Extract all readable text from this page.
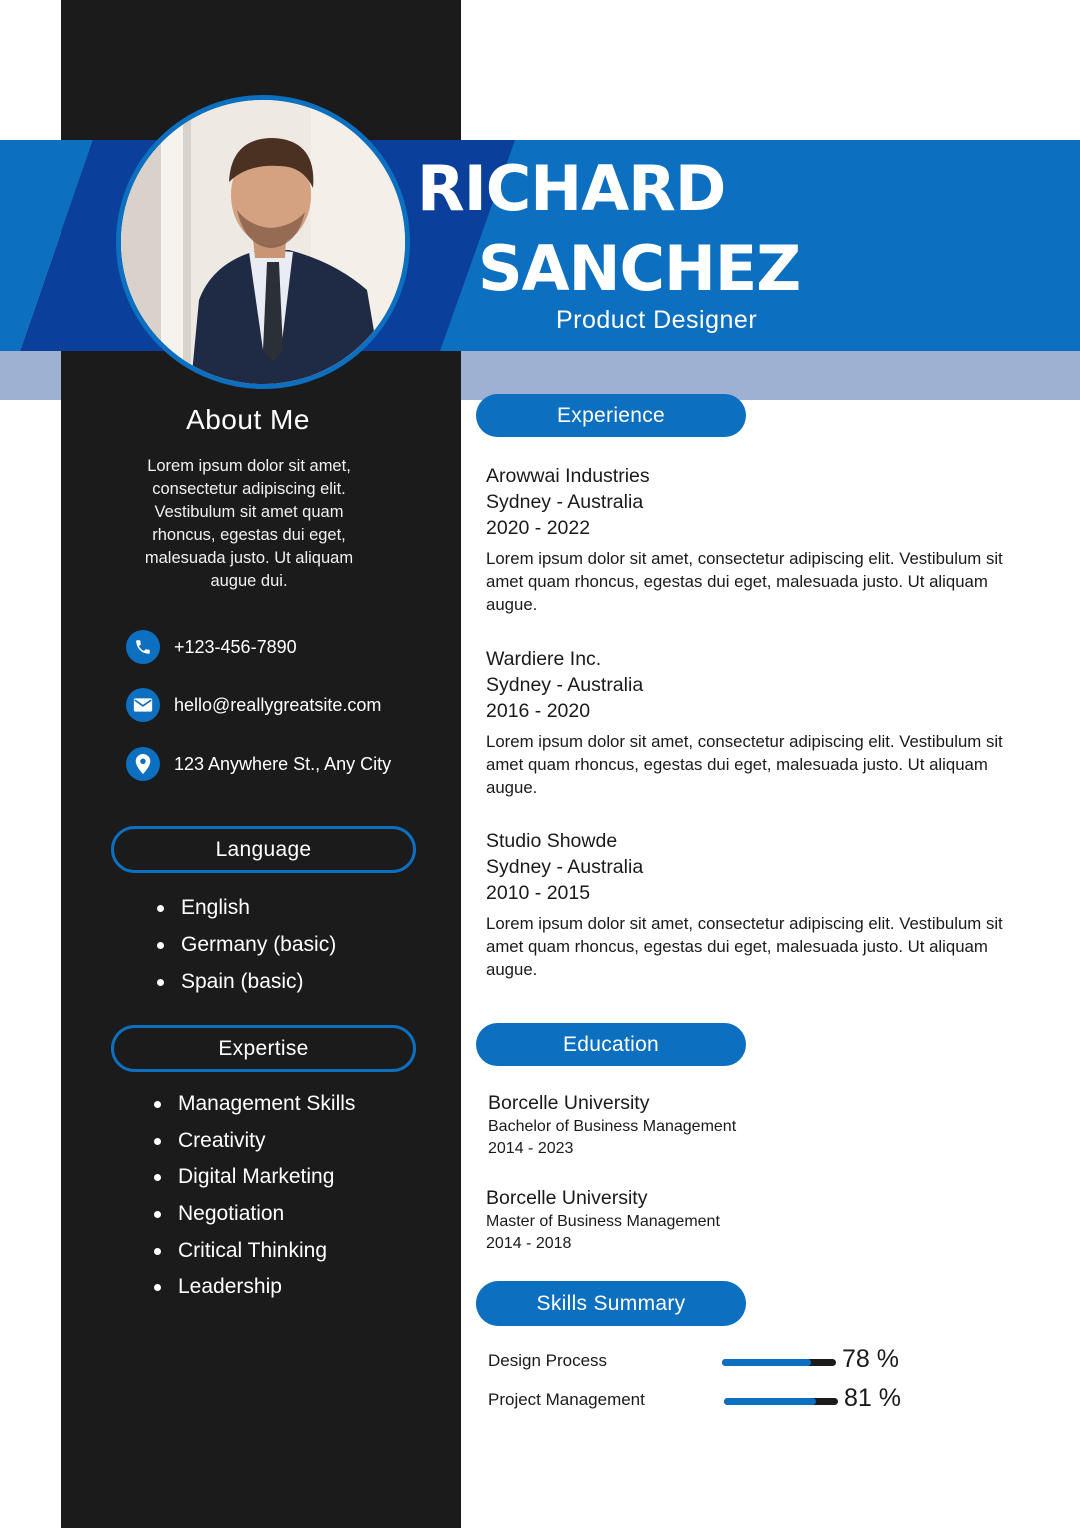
RICHARD
SANCHEZ
Product Designer
About Me
Lorem ipsum dolor sit amet, consectetur adipiscing elit. Vestibulum sit amet quam rhoncus, egestas dui eget, malesuada justo. Ut aliquam augue dui.
+123-456-7890
hello@reallygreatsite.com
123 Anywhere St., Any City
Language
English
Germany (basic)
Spain (basic)
Expertise
Management Skills
Creativity
Digital Marketing
Negotiation
Critical Thinking
Leadership
Experience
Arowwai Industries
Sydney - Australia
2020 - 2022
Lorem ipsum dolor sit amet, consectetur adipiscing elit. Vestibulum sit amet quam rhoncus, egestas dui eget, malesuada justo. Ut aliquam augue.
Wardiere Inc.
Sydney - Australia
2016 - 2020
Lorem ipsum dolor sit amet, consectetur adipiscing elit. Vestibulum sit amet quam rhoncus, egestas dui eget, malesuada justo. Ut aliquam augue.
Studio Showde
Sydney - Australia
2010 - 2015
Lorem ipsum dolor sit amet, consectetur adipiscing elit. Vestibulum sit amet quam rhoncus, egestas dui eget, malesuada justo. Ut aliquam augue.
Education
Borcelle University
Bachelor of Business Management
2014 - 2023
Borcelle University
Master of Business Management
2014 - 2018
Skills Summary
Design Process	78 %
Project Management	81 %
